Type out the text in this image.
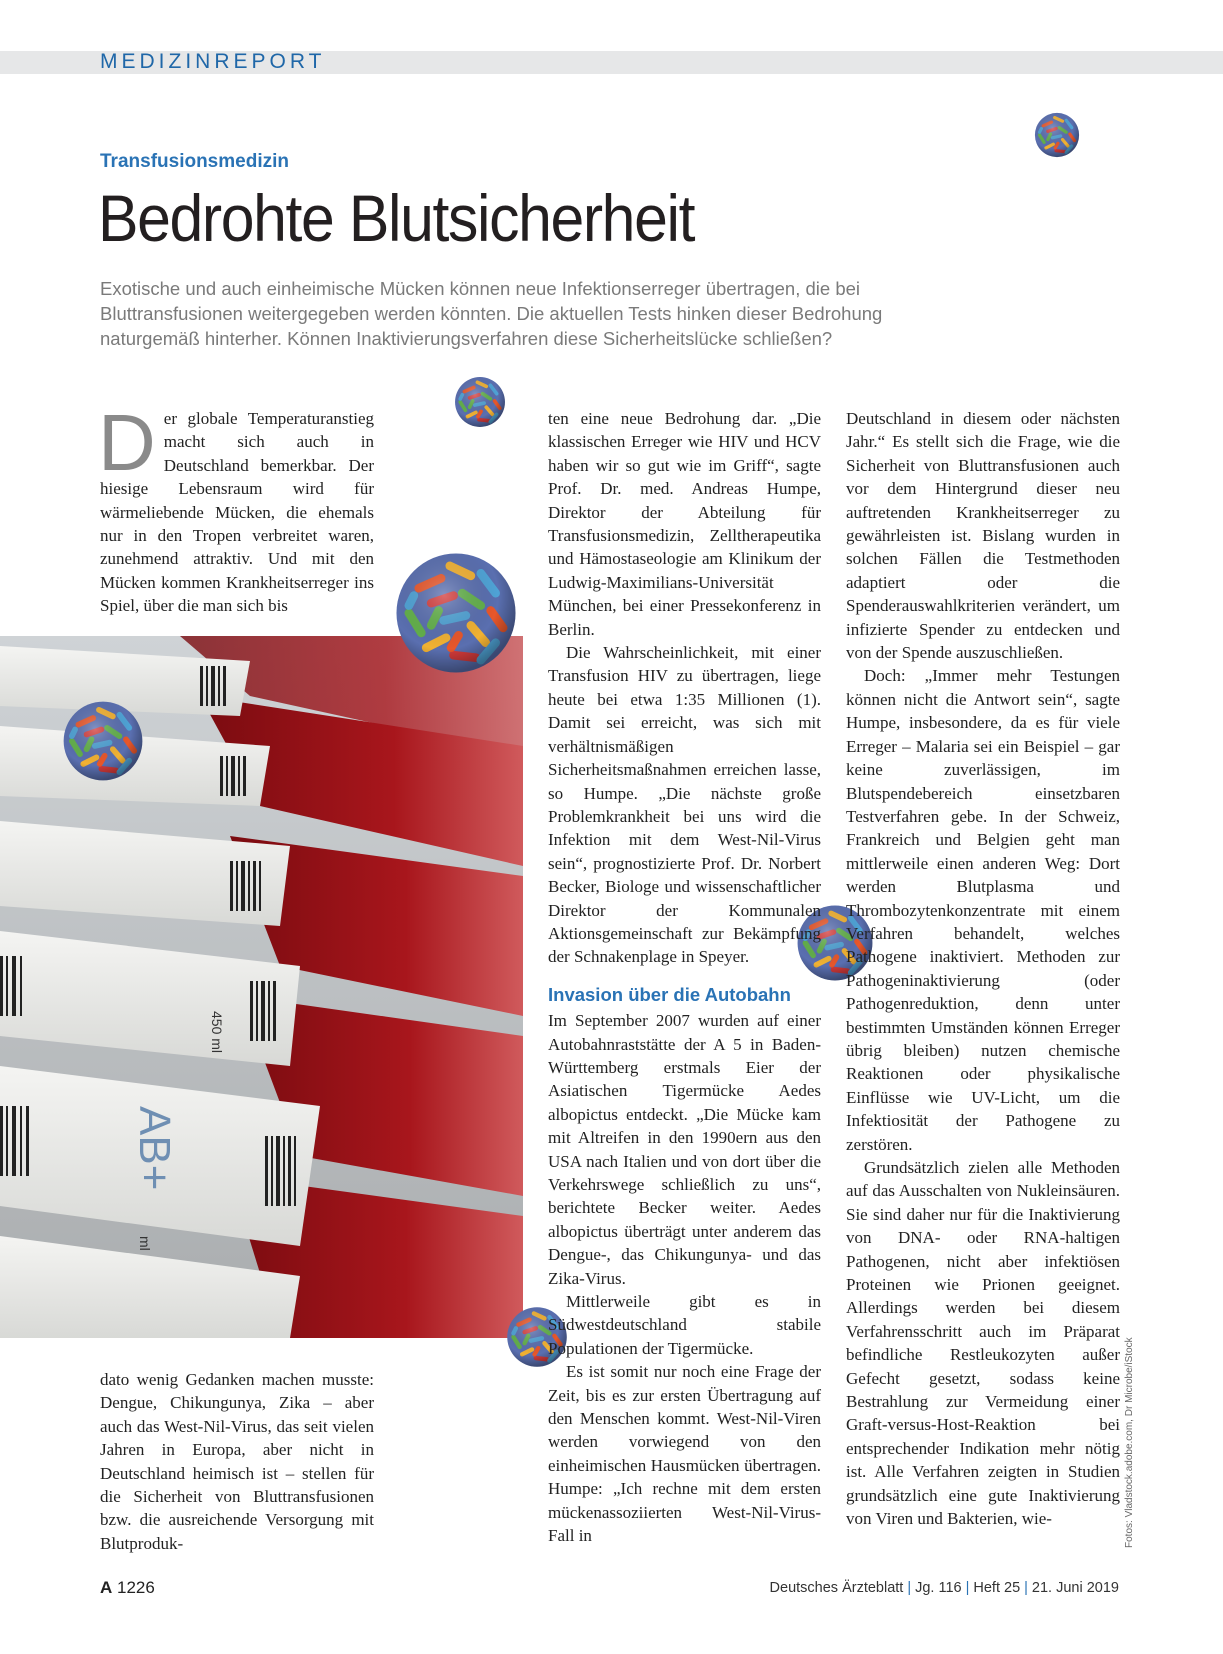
MEDIZINREPORT
Transfusionsmedizin
Bedrohte Blutsicherheit
Exotische und auch einheimische Mücken können neue Infektionserreger übertragen, die bei Bluttransfusionen weitergegeben werden könnten. Die aktuellen Tests hinken dieser Bedrohung naturgemäß hinterher. Können Inaktivierungsverfahren diese Sicherheitslücke schließen?

Der globale Temperaturanstieg macht sich auch in Deutschland bemerkbar. Der hiesige Lebensraum wird für wärmeliebende Mücken, die ehemals nur in den Tropen verbreitet waren, zunehmend attraktiv. Und mit den Mücken kommen Krankheitserreger ins Spiel, über die man sich bis

450 ml
AB+
ml

dato wenig Gedanken machen musste: Dengue, Chikungunya, Zika – aber auch das West-Nil-Virus, das seit vielen Jahren in Europa, aber nicht in Deutschland heimisch ist – stellen für die Sicherheit von Bluttransfusionen bzw. die ausreichende Versorgung mit Blutproduk-

ten eine neue Bedrohung dar. „Die klassischen Erreger wie HIV und HCV haben wir so gut wie im Griff“, sagte Prof. Dr. med. Andreas Humpe, Direktor der Abteilung für Transfusionsmedizin, Zelltherapeutika und Hämostaseologie am Klinikum der Ludwig-Maximilians-Universität München, bei einer Pressekonferenz in Berlin.

Die Wahrscheinlichkeit, mit einer Transfusion HIV zu übertragen, liege heute bei etwa 1:35 Millionen (1). Damit sei erreicht, was sich mit verhältnismäßigen Sicherheitsmaßnahmen erreichen lasse, so Humpe. „Die nächste große Problemkrankheit bei uns wird die Infektion mit dem West-Nil-Virus sein“, prognostizierte Prof. Dr. Norbert Becker, Biologe und wissenschaftlicher Direktor der Kommunalen Aktionsgemeinschaft zur Bekämpfung der Schnakenplage in Speyer.

Invasion über die Autobahn

Im September 2007 wurden auf einer Autobahnraststätte der A 5 in Baden-Württemberg erstmals Eier der Asiatischen Tigermücke Aedes albopictus entdeckt. „Die Mücke kam mit Altreifen in den 1990ern aus den USA nach Italien und von dort über die Verkehrswege schließlich zu uns“, berichtete Becker weiter. Aedes albopictus überträgt unter anderem das Dengue-, das Chikungunya- und das Zika-Virus.

Mittlerweile gibt es in Südwestdeutschland stabile Populationen der Tigermücke.

Es ist somit nur noch eine Frage der Zeit, bis es zur ersten Übertragung auf den Menschen kommt. West-Nil-Viren werden vorwiegend von den einheimischen Hausmücken übertragen. Humpe: „Ich rechne mit dem ersten mückenassoziierten West-Nil-Virus-Fall in

Deutschland in diesem oder nächsten Jahr.“ Es stellt sich die Frage, wie die Sicherheit von Bluttransfusionen auch vor dem Hintergrund dieser neu auftretenden Krankheitserreger zu gewährleisten ist. Bislang wurden in solchen Fällen die Testmethoden adaptiert oder die Spenderauswahlkriterien verändert, um infizierte Spender zu entdecken und von der Spende auszuschließen.

Doch: „Immer mehr Testungen können nicht die Antwort sein“, sagte Humpe, insbesondere, da es für viele Erreger – Malaria sei ein Beispiel – gar keine zuverlässigen, im Blutspendebereich einsetzbaren Testverfahren gebe. In der Schweiz, Frankreich und Belgien geht man mittlerweile einen anderen Weg: Dort werden Blutplasma und Thrombozytenkonzentrate mit einem Verfahren behandelt, welches Pathogene inaktiviert. Methoden zur Pathogeninaktivierung (oder Pathogenreduktion, denn unter bestimmten Umständen können Erreger übrig bleiben) nutzen chemische Reaktionen oder physikalische Einflüsse wie UV-Licht, um die Infektiosität der Pathogene zu zerstören.

Grundsätzlich zielen alle Methoden auf das Ausschalten von Nukleinsäuren. Sie sind daher nur für die Inaktivierung von DNA- oder RNA-haltigen Pathogenen, nicht aber infektiösen Proteinen wie Prionen geeignet. Allerdings werden bei diesem Verfahrensschritt auch im Präparat befindliche Restleukozyten außer Gefecht gesetzt, sodass keine Bestrahlung zur Vermeidung einer Graft-versus-Host-Reaktion bei entsprechender Indikation mehr nötig ist. Alle Verfahren zeigten in Studien grundsätzlich eine gute Inaktivierung von Viren und Bakterien, wie-	Fotos: Vladstock.adobe.com, Dr Microbe/iStock
A 1226	Deutsches Ärzteblatt | Jg. 116 | Heft 25 | 21. Juni 2019
